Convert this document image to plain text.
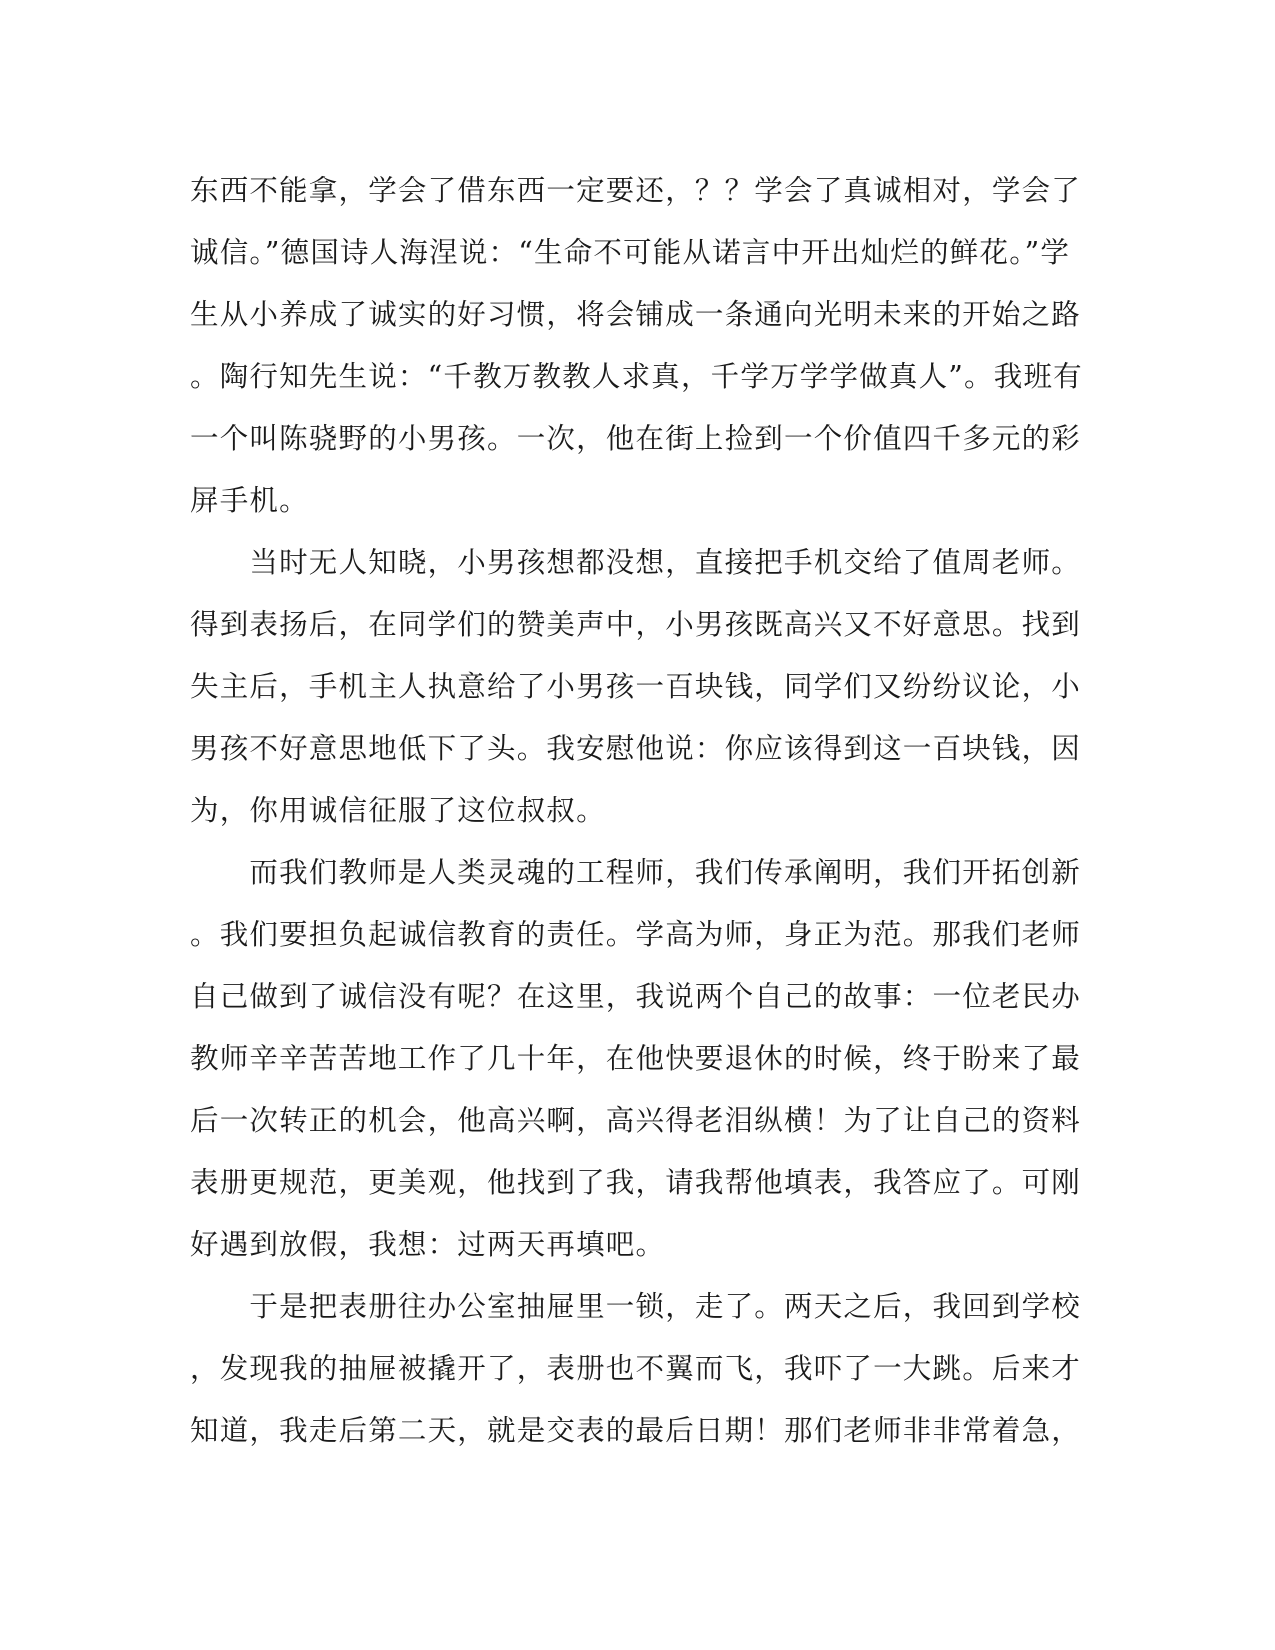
东西不能拿，学会了借东西一定要还，？？学会了真诚相对，学会了
诚信。”德国诗人海涅说：“生命不可能从诺言中开出灿烂的鲜花。”学
生从小养成了诚实的好习惯，将会铺成一条通向光明未来的开始之路
。陶行知先生说：“千教万教教人求真，千学万学学做真人”。我班有
一个叫陈骁野的小男孩。一次，他在街上捡到一个价值四千多元的彩
屏手机。
　　当时无人知晓，小男孩想都没想，直接把手机交给了值周老师。
得到表扬后，在同学们的赞美声中，小男孩既高兴又不好意思。找到
失主后，手机主人执意给了小男孩一百块钱，同学们又纷纷议论，小
男孩不好意思地低下了头。我安慰他说：你应该得到这一百块钱，因
为，你用诚信征服了这位叔叔。
　　而我们教师是人类灵魂的工程师，我们传承阐明，我们开拓创新
。我们要担负起诚信教育的责任。学高为师，身正为范。那我们老师
自己做到了诚信没有呢？在这里，我说两个自己的故事：一位老民办
教师辛辛苦苦地工作了几十年，在他快要退休的时候，终于盼来了最
后一次转正的机会，他高兴啊，高兴得老泪纵横！为了让自己的资料
表册更规范，更美观，他找到了我，请我帮他填表，我答应了。可刚
好遇到放假，我想：过两天再填吧。
　　于是把表册往办公室抽屉里一锁，走了。两天之后，我回到学校
，发现我的抽屉被撬开了，表册也不翼而飞，我吓了一大跳。后来才
知道，我走后第二天，就是交表的最后日期！那们老师非非常着急，
